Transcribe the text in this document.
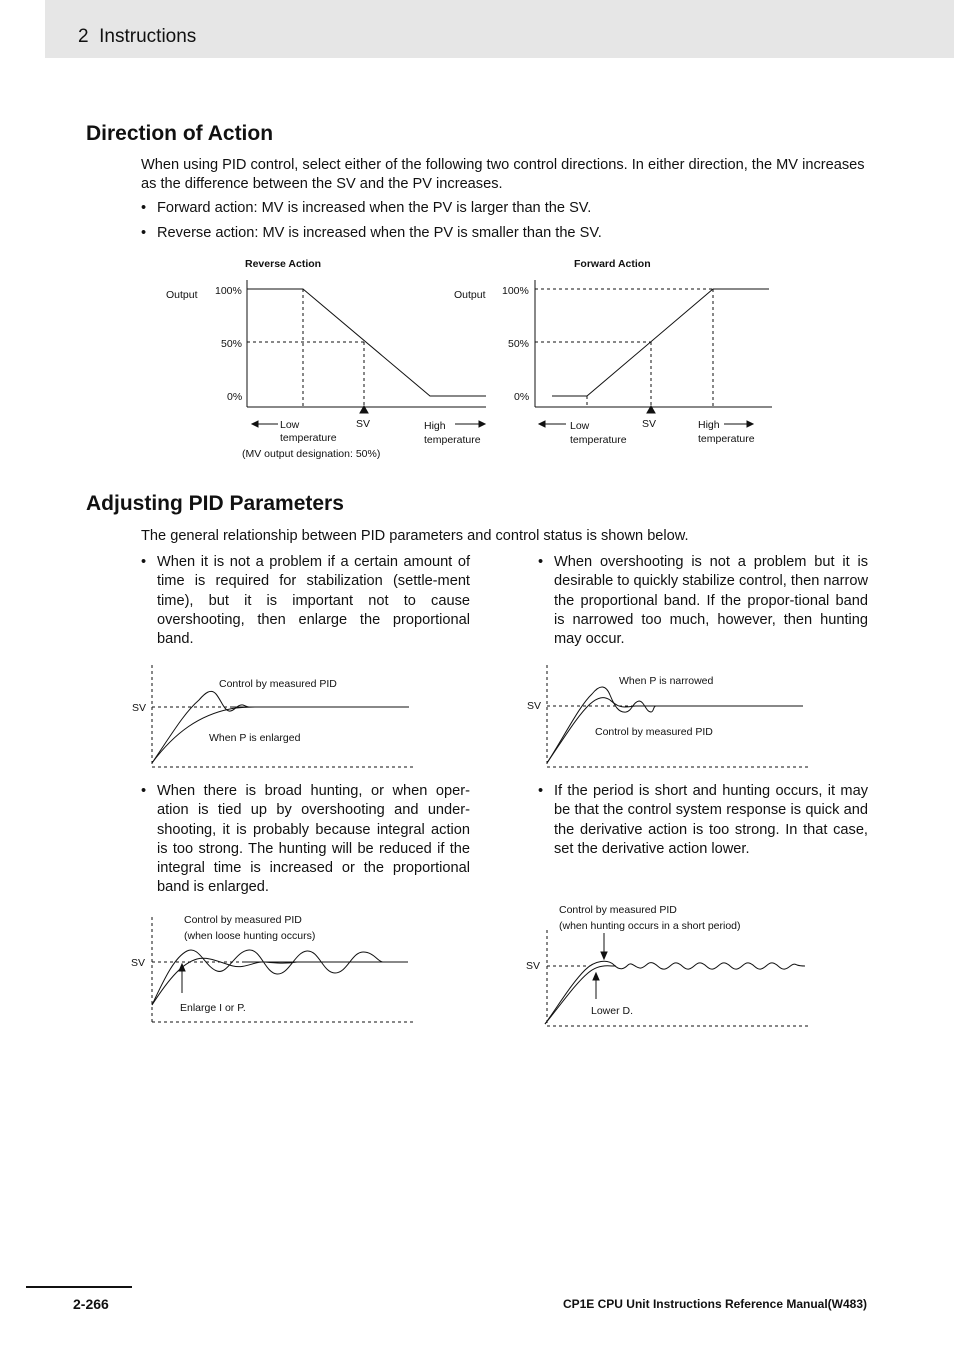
2 Instructions
Direction of Action

When using PID control, select either of the following two control directions. In either direction, the MV increases as the difference between the SV and the PV increases.

• Forward action: MV is increased when the PV is larger than the SV.
• Reverse action: MV is increased when the PV is smaller than the SV.
Reverse Action
Output 100%
50%
0%
Low
temperature
SV	High
temperature
(MV output designation: 50%)
Forward Action
Output 100%
50%
0%
Low
temperature
SV	High
temperature
Adjusting PID Parameters

The general relationship between PID parameters and control status is shown below.

• When it is not a problem if a certain amount of time is required for stabilization (settle-ment time), but it is important not to cause overshooting, then enlarge the proportional band.
• When overshooting is not a problem but it is desirable to quickly stabilize control, then narrow the proportional band. If the propor-tional band is narrowed too much, however, then hunting may occur.
SV
Control by measured PID
When P is enlarged
SV
When P is narrowed
Control by measured PID
• When there is broad hunting, or when oper-ation is tied up by overshooting and under-shooting, it is probably because integral action is too strong. The hunting will be reduced if the integral time is increased or the proportional band is enlarged.
• If the period is short and hunting occurs, it may be that the control system response is quick and the derivative action is too strong. In that case, set the derivative action lower.
SV
Control by measured PID
(when loose hunting occurs)
Enlarge I or P.
SV
Control by measured PID
(when hunting occurs in a short period)
Lower D.
2-266	CP1E CPU Unit Instructions Reference Manual(W483)
